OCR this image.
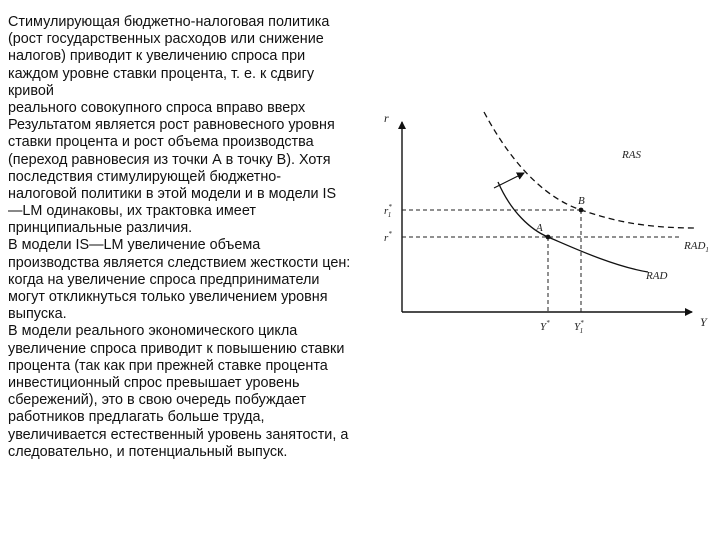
Стимулирующая бюджетно-налоговая политика
(рост государственных расходов или снижение
налогов) приводит к увеличению спроса при
каждом уровне ставки процента, т. е. к сдвигу
кривой
реального совокупного спроса вправо вверх
Результатом является рост равновесного уровня
ставки процента и рост объема производства
(переход равновесия из точки А в точку В). Хотя
последствия стимулирующей бюджетно-
налоговой политики в этой модели и в модели IS
—LM одинаковы, их трактовка имеет
принципиальные различия.
В модели IS—LM увеличение объема
производства является следствием жесткости цен:
когда на увеличение спроса предприниматели
могут откликнуться только увеличением уровня
выпуска.
В модели реального экономического цикла
увеличение спроса приводит к повышению ставки
процента (так как при прежней ставке процента
инвестиционный спрос превышает уровень
сбережений), это в свою очередь побуждает
работников предлагать больше труда,
увеличивается естественный уровень занятости, а
следовательно, и потенциальный выпуск.
r
Y
r* 1
r*
Y* Y* 1
A
B
RAS
$RAD_1$
RAD
